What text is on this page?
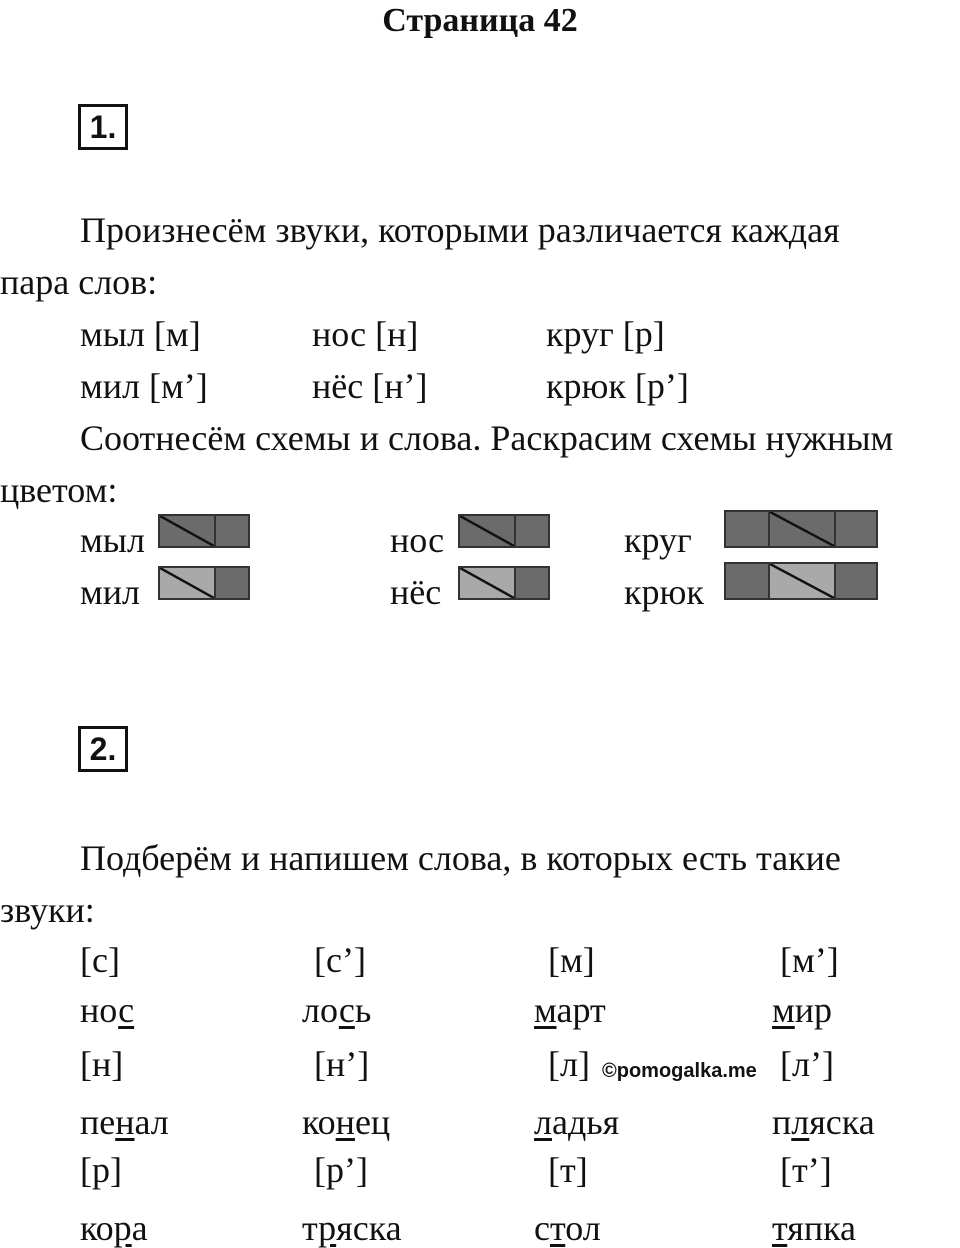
Страница 42
1.
Произнесём звуки, которыми различается каждая
пара слов:
мыл [м]	нос [н]	круг [р]
мил [м’]	нёс [н’]	крюк [р’]
Соотнесём схемы и слова. Раскрасим схемы нужным
цветом:
мыл	нос	круг
мил	нёс	крюк
2.
Подберём и напишем слова, в которых есть такие
звуки:
[с]	[с’]	[м]	[м’]
нос	лось	март	мир
[н]	[н’]	[л]	[л’]
пенал	конец	ладья	пляска
[р]	[р’]	[т]	[т’]
кора	тряска	стол	тяпка
©pomogalka.me
